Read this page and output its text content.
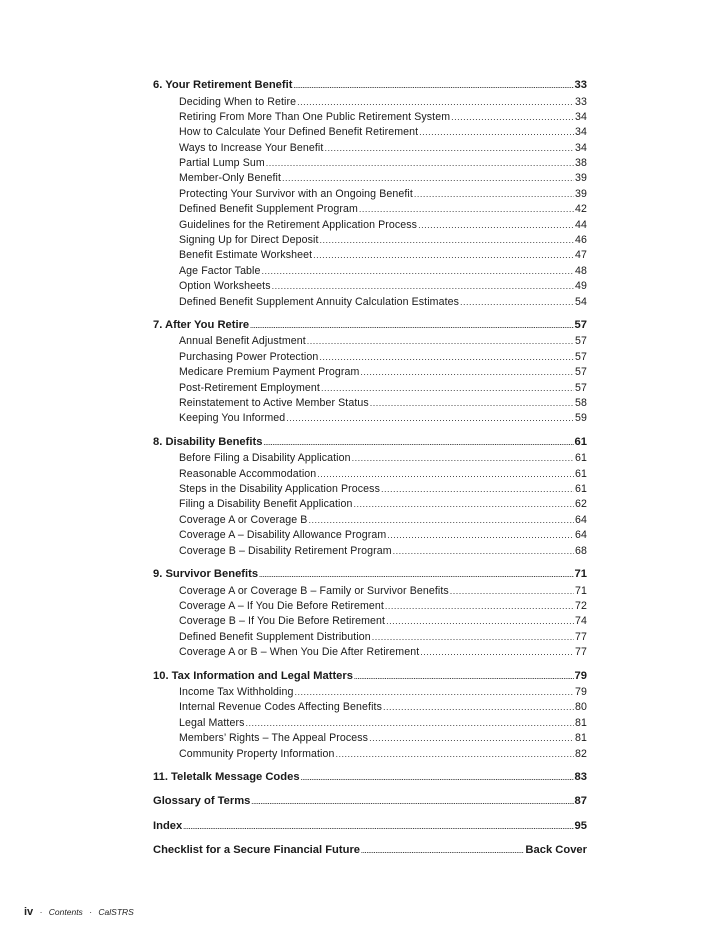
6. Your Retirement Benefit .....	33
Deciding When to Retire .....	33
Retiring From More Than One Public Retirement System .....	34
How to Calculate Your Defined Benefit Retirement .....	34
Ways to Increase Your Benefit .....	34
Partial Lump Sum .....	38
Member-Only Benefit .....	39
Protecting Your Survivor with an Ongoing Benefit .....	39
Defined Benefit Supplement Program .....	42
Guidelines for the Retirement Application Process .....	44
Signing Up for Direct Deposit .....	46
Benefit Estimate Worksheet .....	47
Age Factor Table .....	48
Option Worksheets .....	49
Defined Benefit Supplement Annuity Calculation Estimates .....	54
7. After You Retire .....	57
Annual Benefit Adjustment .....	57
Purchasing Power Protection .....	57
Medicare Premium Payment Program .....	57
Post-Retirement Employment .....	57
Reinstatement to Active Member Status .....	58
Keeping You Informed .....	59
8. Disability Benefits .....	61
Before Filing a Disability Application .....	61
Reasonable Accommodation .....	61
Steps in the Disability Application Process .....	61
Filing a Disability Benefit Application .....	62
Coverage A or Coverage B .....	64
Coverage A – Disability Allowance Program .....	64
Coverage B – Disability Retirement Program .....	68
9. Survivor Benefits .....	71
Coverage A or Coverage B – Family or Survivor Benefits .....	71
Coverage A – If You Die Before Retirement .....	72
Coverage B – If You Die Before Retirement .....	74
Defined Benefit Supplement Distribution .....	77
Coverage A or B – When You Die After Retirement .....	77
10. Tax Information and Legal Matters .....	79
Income Tax Withholding .....	79
Internal Revenue Codes Affecting Benefits .....	80
Legal Matters .....	81
Members’ Rights – The Appeal Process .....	81
Community Property Information .....	82
11. Teletalk Message Codes .....	83
Glossary of Terms .....	87
Index .....	95
Checklist for a Secure Financial Future .....	Back Cover
iv · Contents · CalSTRS
